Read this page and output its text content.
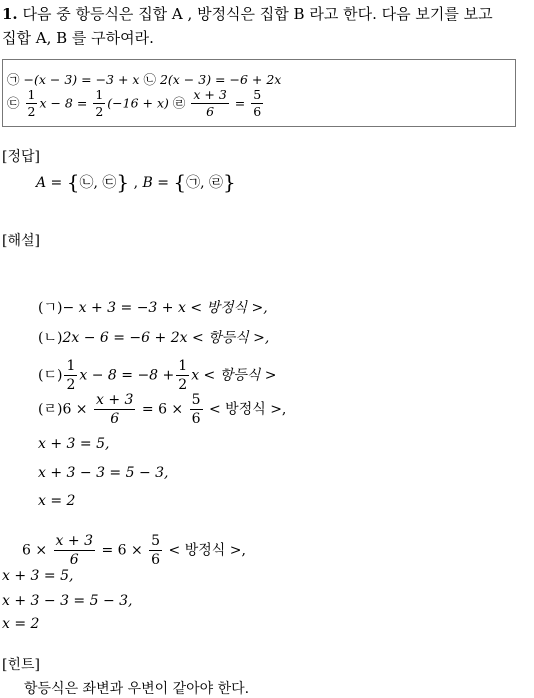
1. 다음 중 항등식은 집합 A , 방정식은 집합 B 라고 한다. 다음 보기를 보고
집합 A, B 를 구하여라.
㉠ −(x − 3) = −3 + x ㉡ 2(x − 3) = −6 + 2x
㉢ $\frac{1}{2}$ $x - 8 = \frac{1}{2} (-16 + x)$ ㉣ $\frac{x + 3}{6} = \frac{5}{6}$
[정답]
A = {㉡, ㉢} , B = {㉠, ㉣}
[해설]
(ㄱ)− x + 3 = −3 + x < 방정식 >,
(ㄴ)2x − 6 = −6 + 2x < 항등식 >,
(ㄷ) $\frac{1}{2}$ $x - 8 = -8 + \frac{1}{2}$ x < 항등식 >
(ㄹ)$6 \times \frac{x + 3}{6} = 6 \times \frac{5}{6}$ < 방정식 >,
x + 3 = 5,
x + 3 − 3 = 5 − 3,
x = 2
$6 \times \frac{x + 3}{6} = 6 \times \frac{5}{6}$ < 방정식 >,
x + 3 = 5,
x + 3 − 3 = 5 − 3,
x = 2
[힌트]
항등식은 좌변과 우변이 같아야 한다.
